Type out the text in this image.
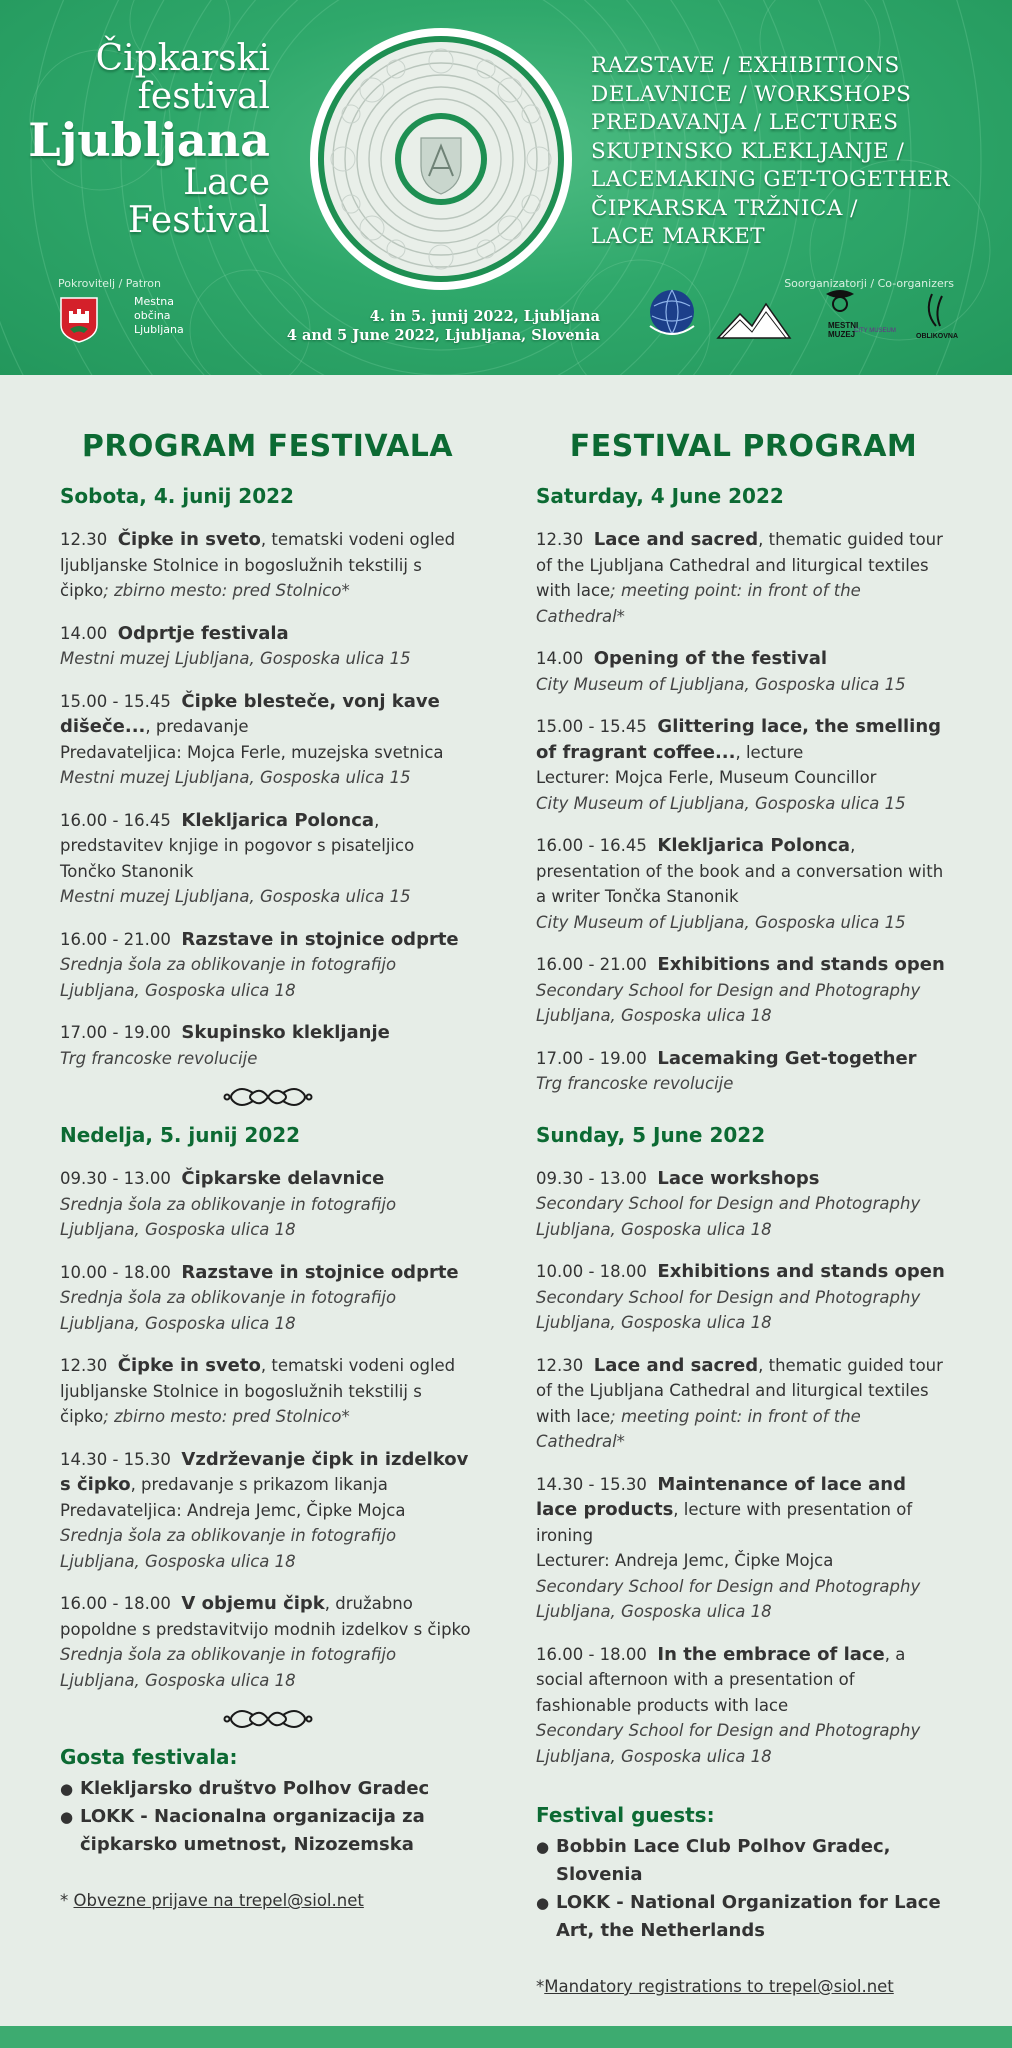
Čipkarski
festival
Ljubljana
Lace
Festival
RAZSTAVE / EXHIBITIONS
DELAVNICE / WORKSHOPS
PREDAVANJA / LECTURES
SKUPINSKO KLEKLJANJE /
LACEMAKING GET-TOGETHER
ČIPKARSKA TRŽNICA /
LACE MARKET
Pokrovitelj / Patron
Mestna občina Ljubljana
4. in 5. junij 2022, Ljubljana
4 and 5 June 2022, Ljubljana, Slovenia
Soorganizatorji / Co-organizers
MESTNI
MUZEJ
CITY MUSEUM
OBLIKOVNA
PROGRAM FESTIVALA
Sobota, 4. junij 2022
12.30 Čipke in sveto, tematski vodeni ogled ljubljanske Stolnice in bogoslužnih tekstilij s čipko; zbirno mesto: pred Stolnico*
14.00 Odprtje festivala
Mestni muzej Ljubljana, Gosposka ulica 15
15.00 - 15.45 Čipke blesteče, vonj kave dišeče..., predavanje
Predavateljica: Mojca Ferle, muzejska svetnica
Mestni muzej Ljubljana, Gosposka ulica 15
16.00 - 16.45 Klekljarica Polonca, predstavitev knjige in pogovor s pisateljico Tončko Stanonik
Mestni muzej Ljubljana, Gosposka ulica 15
16.00 - 21.00 Razstave in stojnice odprte
Srednja šola za oblikovanje in fotografijo Ljubljana, Gosposka ulica 18
17.00 - 19.00 Skupinsko klekljanje
Trg francoske revolucije
Nedelja, 5. junij 2022
09.30 - 13.00 Čipkarske delavnice
Srednja šola za oblikovanje in fotografijo Ljubljana, Gosposka ulica 18
10.00 - 18.00 Razstave in stojnice odprte
Srednja šola za oblikovanje in fotografijo Ljubljana, Gosposka ulica 18
12.30 Čipke in sveto, tematski vodeni ogled ljubljanske Stolnice in bogoslužnih tekstilij s čipko; zbirno mesto: pred Stolnico*
14.30 - 15.30 Vzdrževanje čipk in izdelkov s čipko, predavanje s prikazom likanja
Predavateljica: Andreja Jemc, Čipke Mojca
Srednja šola za oblikovanje in fotografijo Ljubljana, Gosposka ulica 18
16.00 - 18.00 V objemu čipk, družabno popoldne s predstavitvijo modnih izdelkov s čipko
Srednja šola za oblikovanje in fotografijo Ljubljana, Gosposka ulica 18
Gosta festivala:
● Klekljarsko društvo Polhov Gradec
● LOKK - Nacionalna organizacija za čipkarsko umetnost, Nizozemska
* Obvezne prijave na trepel@siol.net
FESTIVAL PROGRAM
Saturday, 4 June 2022
12.30 Lace and sacred, thematic guided tour of the Ljubljana Cathedral and liturgical textiles with lace; meeting point: in front of the Cathedral*
14.00 Opening of the festival
City Museum of Ljubljana, Gosposka ulica 15
15.00 - 15.45 Glittering lace, the smelling of fragrant coffee..., lecture
Lecturer: Mojca Ferle, Museum Councillor
City Museum of Ljubljana, Gosposka ulica 15
16.00 - 16.45 Klekljarica Polonca, presentation of the book and a conversation with a writer Tončka Stanonik
City Museum of Ljubljana, Gosposka ulica 15
16.00 - 21.00 Exhibitions and stands open
Secondary School for Design and Photography Ljubljana, Gosposka ulica 18
17.00 - 19.00 Lacemaking Get-together
Trg francoske revolucije
Sunday, 5 June 2022
09.30 - 13.00 Lace workshops
Secondary School for Design and Photography Ljubljana, Gosposka ulica 18
10.00 - 18.00 Exhibitions and stands open
Secondary School for Design and Photography Ljubljana, Gosposka ulica 18
12.30 Lace and sacred, thematic guided tour of the Ljubljana Cathedral and liturgical textiles with lace; meeting point: in front of the Cathedral*
14.30 - 15.30 Maintenance of lace and lace products, lecture with presentation of ironing
Lecturer: Andreja Jemc, Čipke Mojca
Secondary School for Design and Photography Ljubljana, Gosposka ulica 18
16.00 - 18.00 In the embrace of lace, a social afternoon with a presentation of fashionable products with lace
Secondary School for Design and Photography Ljubljana, Gosposka ulica 18
Festival guests:
● Bobbin Lace Club Polhov Gradec, Slovenia
● LOKK - National Organization for Lace Art, the Netherlands
*Mandatory registrations to trepel@siol.net
